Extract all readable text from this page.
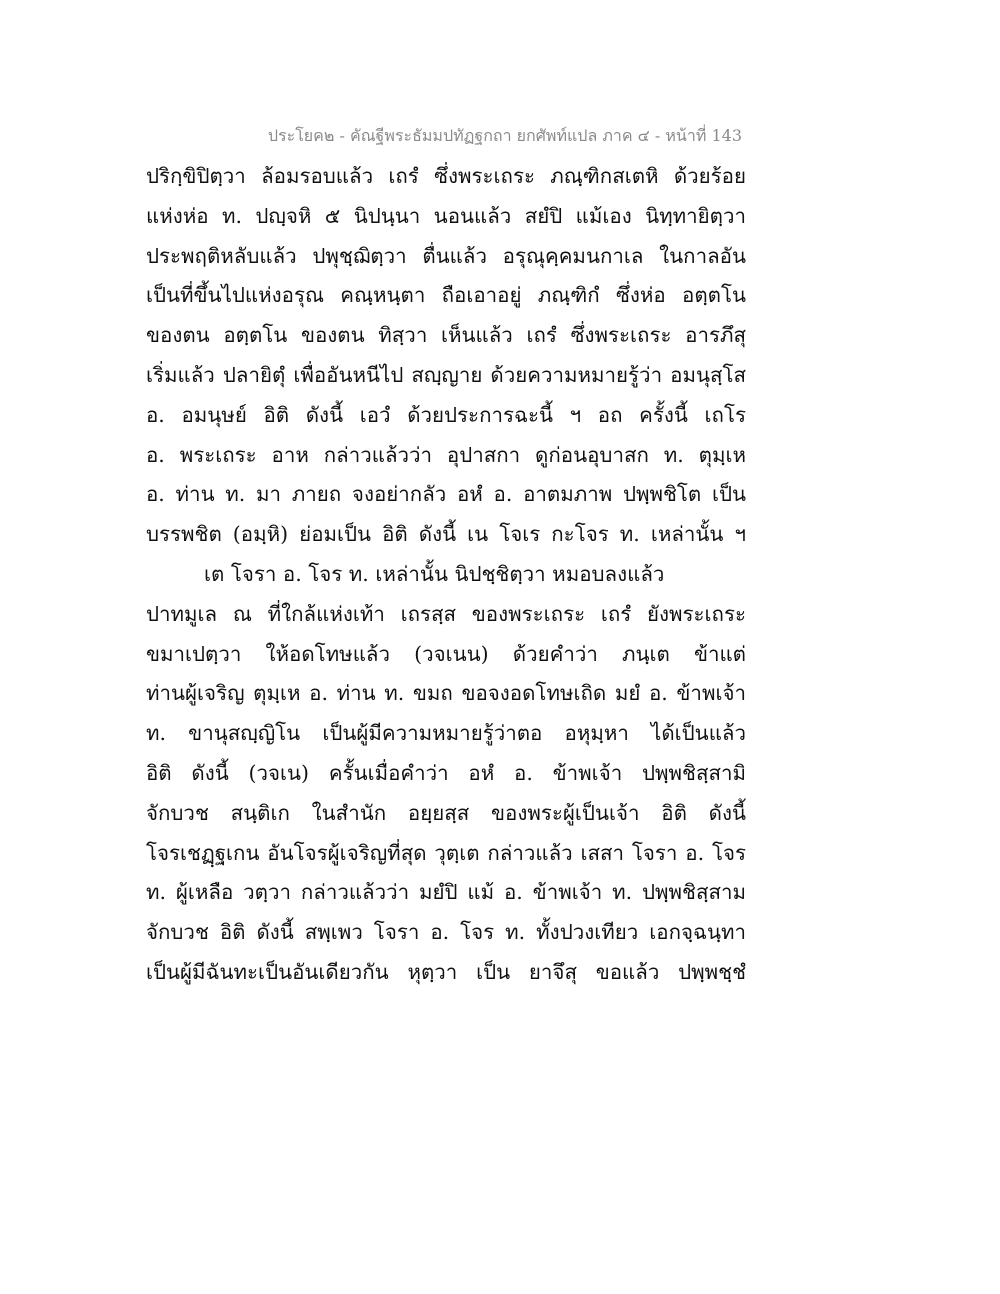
ประโยค๒ - คัณฐีพระธัมมปทัฏฐกถา ยกศัพท์แปล ภาค ๔ - หน้าที่ 143
ปริกฺขิปิตฺวา ล้อมรอบแล้ว เถรํ ซึ่งพระเถระ ภณฺฑิกสเตหิ ด้วยร้อย
แห่งห่อ ท. ปญฺจหิ ๕ นิปนฺนา นอนแล้ว สยํปิ แม้เอง นิทฺทายิตฺวา
ประพฤติหลับแล้ว ปพุชฺฌิตฺวา ตื่นแล้ว อรุณุคฺคมนกาเล ในกาลอัน
เป็นที่ขึ้นไปแห่งอรุณ คณฺหนฺตา ถือเอาอยู่ ภณฺฑิกํ ซึ่งห่อ อตฺตโน
ของตน อตฺตโน ของตน ทิสฺวา เห็นแล้ว เถรํ ซึ่งพระเถระ อารภึสุ
เริ่มแล้ว ปลายิตุํ เพื่ออันหนีไป สญฺญาย ด้วยความหมายรู้ว่า อมนุสฺโส
อ. อมนุษย์ อิติ ดังนี้ เอวํ ด้วยประการฉะนี้ ฯ อถ ครั้งนี้ เถโร
อ. พระเถระ อาห กล่าวแล้วว่า อุปาสกา ดูก่อนอุบาสก ท. ตุมฺเห
อ. ท่าน ท. มา ภายถ จงอย่ากลัว อหํ อ. อาตมภาพ ปพฺพชิโต เป็น
บรรพชิต (อมฺหิ) ย่อมเป็น อิติ ดังนี้ เน โจเร กะโจร ท. เหล่านั้น ฯ
เต โจรา อ. โจร ท. เหล่านั้น นิปชฺชิตฺวา หมอบลงแล้ว
ปาทมูเล ณ ที่ใกล้แห่งเท้า เถรสฺส ของพระเถระ เถรํ ยังพระเถระ
ขมาเปตฺวา ให้อดโทษแล้ว (วจเนน) ด้วยคำว่า ภนฺเต ข้าแต่
ท่านผู้เจริญ ตุมฺเห อ. ท่าน ท. ขมถ ขอจงอดโทษเถิด มยํ อ. ข้าพเจ้า
ท. ขานุสญฺญิโน เป็นผู้มีความหมายรู้ว่าตอ อหุมฺหา ได้เป็นแล้ว
อิติ ดังนี้ (วจเน) ครั้นเมื่อคำว่า อหํ อ. ข้าพเจ้า ปพฺพชิสฺสามิ
จักบวช สนฺติเก ในสำนัก อยฺยสฺส ของพระผู้เป็นเจ้า อิติ ดังนี้
โจรเชฏฺฐเกน อันโจรผู้เจริญที่สุด วุตฺเต กล่าวแล้ว เสสา โจรา อ. โจร
ท. ผู้เหลือ วตฺวา กล่าวแล้วว่า มยํปิ แม้ อ. ข้าพเจ้า ท. ปพฺพชิสฺสาม
จักบวช อิติ ดังนี้ สพฺเพว โจรา อ. โจร ท. ทั้งปวงเทียว เอกจฺฉนฺทา
เป็นผู้มีฉันทะเป็นอันเดียวกัน หุตฺวา เป็น ยาจึสุ ขอแล้ว ปพฺพชฺชํ
